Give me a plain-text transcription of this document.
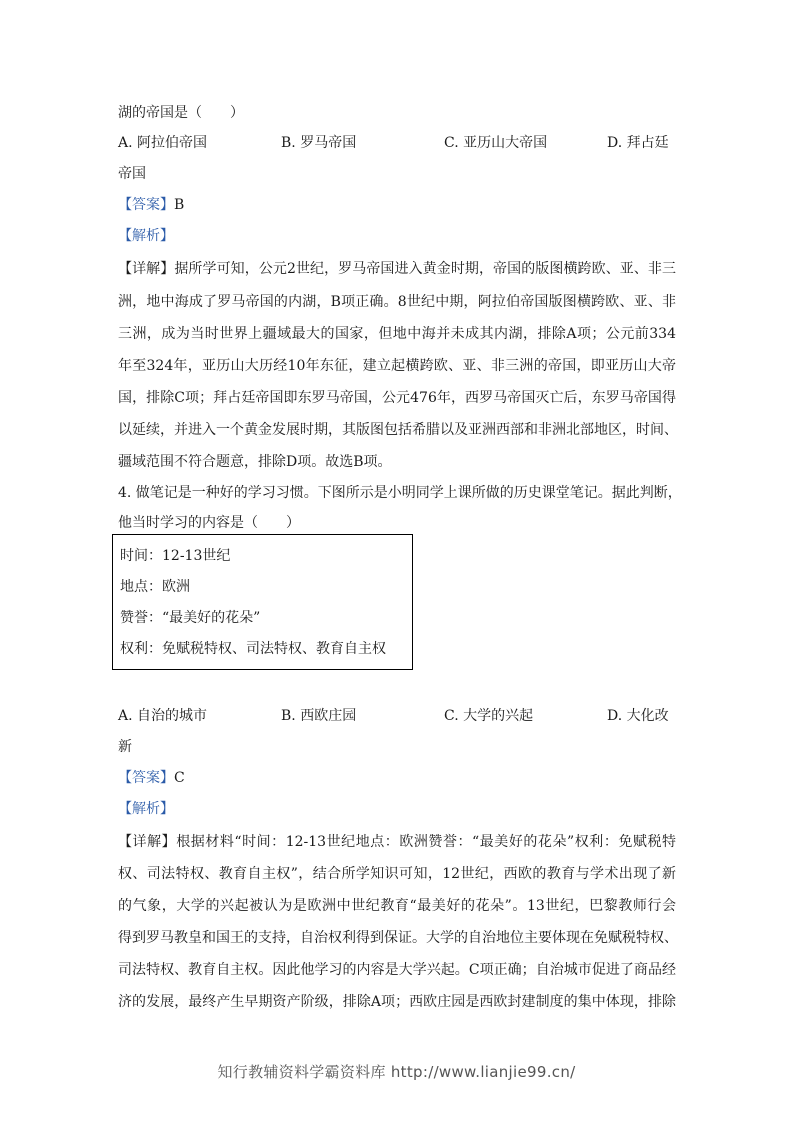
湖的帝国是（　　）
A. 阿拉伯帝国	B. 罗马帝国	C. 亚历山大帝国	D. 拜占廷
帝国
【答案】B
【解析】
【详解】据所学可知，公元2世纪，罗马帝国进入黄金时期，帝国的版图横跨欧、亚、非三
洲，地中海成了罗马帝国的内湖，B项正确。8世纪中期，阿拉伯帝国版图横跨欧、亚、非
三洲，成为当时世界上疆域最大的国家，但地中海并未成其内湖，排除A项；公元前334
年至324年，亚历山大历经10年东征，建立起横跨欧、亚、非三洲的帝国，即亚历山大帝
国，排除C项；拜占廷帝国即东罗马帝国，公元476年，西罗马帝国灭亡后，东罗马帝国得
以延续，并进入一个黄金发展时期，其版图包括希腊以及亚洲西部和非洲北部地区，时间、
疆域范围不符合题意，排除D项。故选B项。
4. 做笔记是一种好的学习习惯。下图所示是小明同学上课所做的历史课堂笔记。据此判断，
他当时学习的内容是（　　）
时间：12-13世纪
地点：欧洲
赞誉：“最美好的花朵”
权利：免赋税特权、司法特权、教育自主权
A. 自治的城市	B. 西欧庄园	C. 大学的兴起	D. 大化改
新
【答案】C
【解析】
【详解】根据材料“时间：12-13世纪地点：欧洲赞誉：“最美好的花朵”权利：免赋税特
权、司法特权、教育自主权”，结合所学知识可知，12世纪，西欧的教育与学术出现了新
的气象，大学的兴起被认为是欧洲中世纪教育“最美好的花朵”。13世纪，巴黎教师行会
得到罗马教皇和国王的支持，自治权利得到保证。大学的自治地位主要体现在免赋税特权、
司法特权、教育自主权。因此他学习的内容是大学兴起。C项正确；自治城市促进了商品经
济的发展，最终产生早期资产阶级，排除A项；西欧庄园是西欧封建制度的集中体现，排除
知行教辅资料学霸资料库 http://www.lianjie99.cn/
